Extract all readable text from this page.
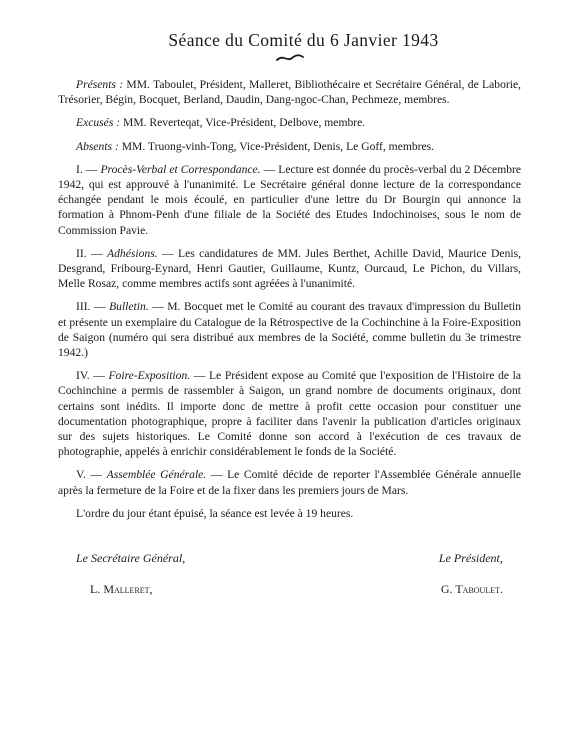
Séance du Comité du 6 Janvier 1943

Présents : MM. Taboulet, Président, Malleret, Bibliothécaire et Secrétaire Général, de Laborie, Trésorier, Bégin, Bocquet, Berland, Daudin, Dang-ngoc-Chan, Pechmeze, membres.

Excusés : MM. Reverteqat, Vice-Président, Delbove, membre.

Absents : MM. Truong-vinh-Tong, Vice-Président, Denis, Le Goff, membres.

I. — Procès-Verbal et Correspondance. — Lecture est donnée du procès-verbal du 2 Décembre 1942, qui est approuvé à l'unanimité. Le Secrétaire général donne lecture de la correspondance échangée pendant le mois écoulé, en particulier d'une lettre du Dr Bourgin qui annonce la formation à Phnom-Penh d'une filiale de la Société des Etudes Indochinoises, sous le nom de Commission Pavie.

II. — Adhésions. — Les candidatures de MM. Jules Berthet, Achille David, Maurice Denis, Desgrand, Fribourg-Eynard, Henri Gautier, Guillaume, Kuntz, Ourcaud, Le Pichon, du Villars, Melle Rosaz, comme membres actifs sont agréées à l'unanimité.

III. — Bulletin. — M. Bocquet met le Comité au courant des travaux d'impression du Bulletin et présente un exemplaire du Catalogue de la Rétrospective de la Cochinchine à la Foire-Exposition de Saigon (numéro qui sera distribué aux membres de la Société, comme bulletin du 3e trimestre 1942.)

IV. — Foire-Exposition. — Le Président expose au Comité que l'exposition de l'Histoire de la Cochinchine a permis de rassembler à Saigon, un grand nombre de documents originaux, dont certains sont inédits. Il importe donc de mettre à profit cette occasion pour constituer une documentation photographique, propre à faciliter dans l'avenir la publication d'articles originaux sur des sujets historiques. Le Comité donne son accord à l'exécution de ces travaux de photographie, appelés à enrichir considérablement le fonds de la Société.

V. — Assemblée Générale. — Le Comité décide de reporter l'Assemblée Générale annuelle après la fermeture de la Foire et de la fixer dans les premiers jours de Mars.

L'ordre du jour étant épuisé, la séance est levée à 19 heures.

Le Secrétaire Général,
L. Malleret,
Le Président,
G. Taboulet.
